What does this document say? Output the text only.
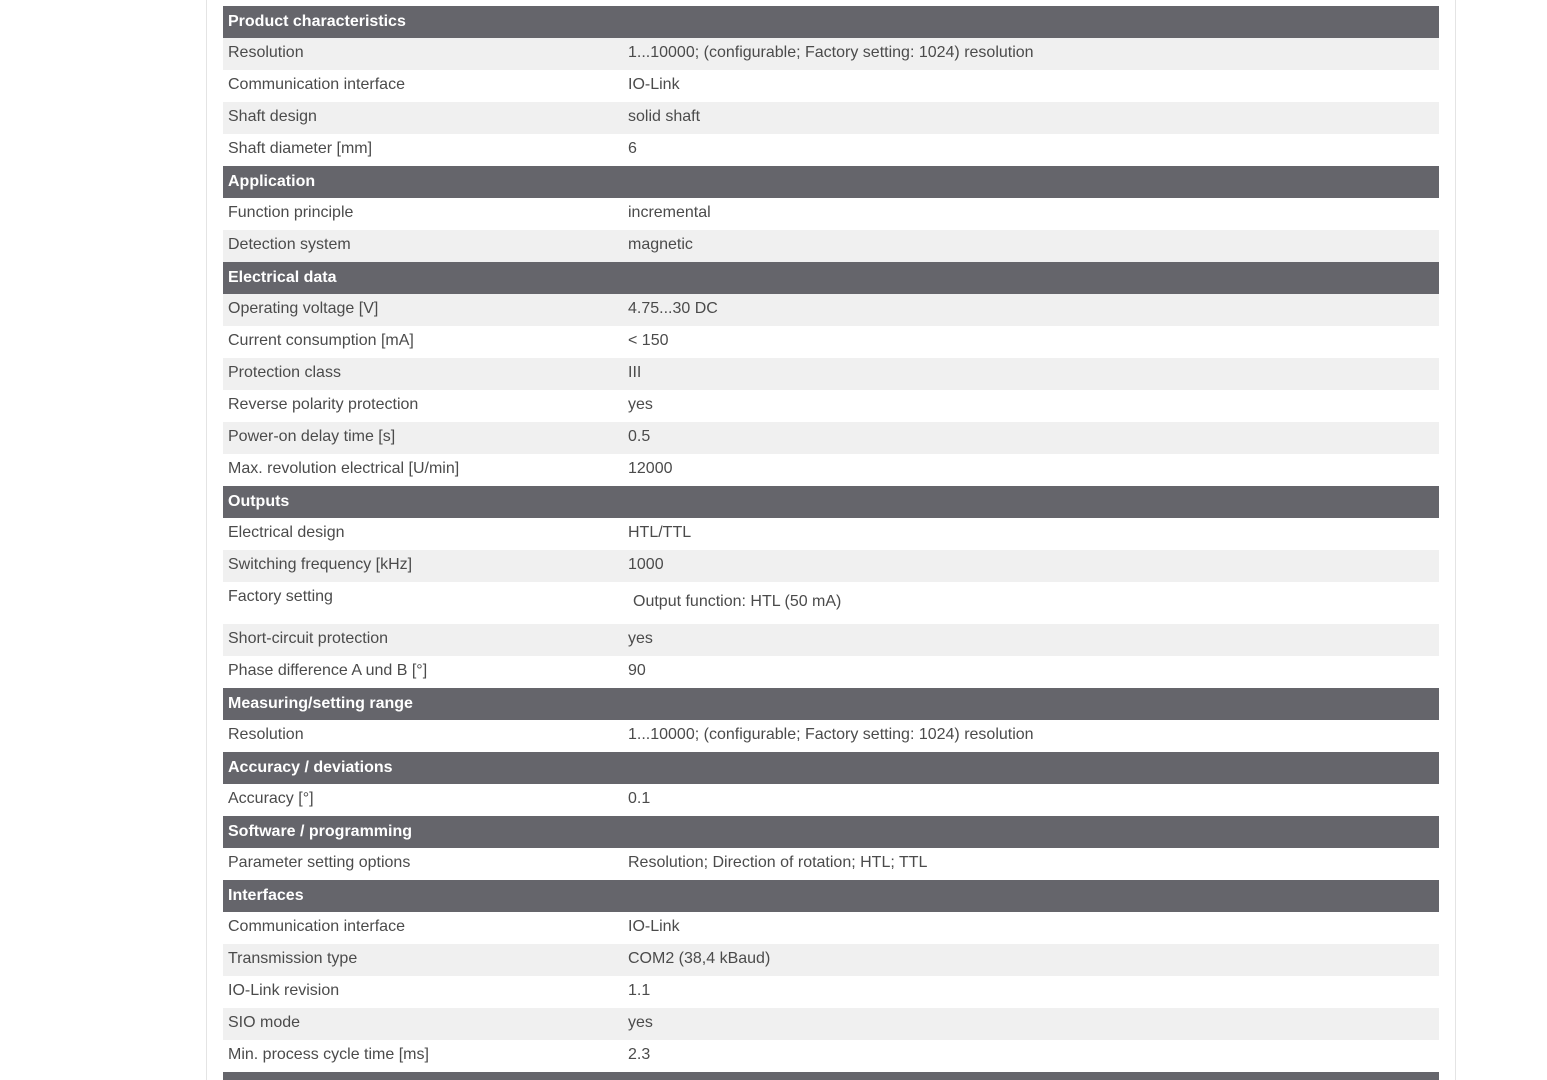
Product characteristics
Resolution	1...10000; (configurable; Factory setting: 1024) resolution
Communication interface	IO-Link
Shaft design	solid shaft
Shaft diameter [mm]	6
Application
Function principle	incremental
Detection system	magnetic
Electrical data
Operating voltage [V]	4.75...30 DC
Current consumption [mA]	< 150
Protection class	III
Reverse polarity protection	yes
Power-on delay time [s]	0.5
Max. revolution electrical [U/min]	12000
Outputs
Electrical design	HTL/TTL
Switching frequency [kHz]	1000
Factory setting	Output function: HTL (50 mA)
Short-circuit protection	yes
Phase difference A und B [°]	90
Measuring/setting range
Resolution	1...10000; (configurable; Factory setting: 1024) resolution
Accuracy / deviations
Accuracy [°]	0.1
Software / programming
Parameter setting options	Resolution; Direction of rotation; HTL; TTL
Interfaces
Communication interface	IO-Link
Transmission type	COM2 (38,4 kBaud)
IO-Link revision	1.1
SIO mode	yes
Min. process cycle time [ms]	2.3
